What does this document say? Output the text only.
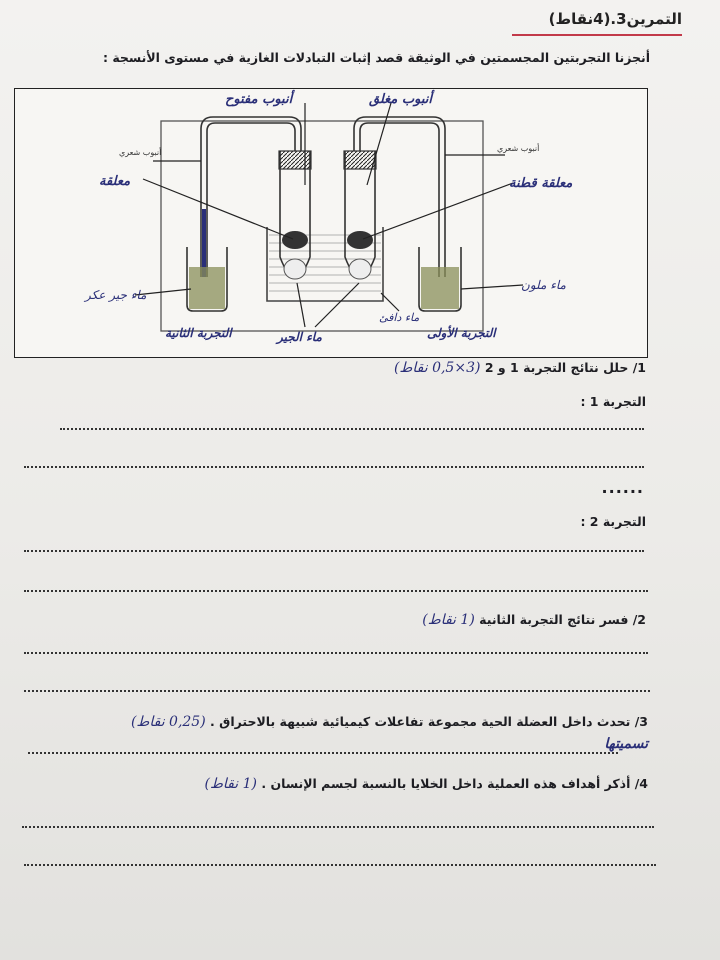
التمرين3.(4نقاط)
أنجزنا التجربتين المجسمتين في الوثيقة قصد إثبات التبادلات الغازية في مستوى الأنسجة :
أنبوب شعري	أنبوب شعري
أنبوب مفتوح	أنبوب مغلق
معلقة	معلقة قطنة
ماء جير عكر
ماء ملون
التجربة الثانية	التجربة الأولى
ماء الجير
ماء دافئ
1/ حلل نتائج التجربة 1 و 2 (3×0,5 نقاط)
التجربة 1 :
......
التجربة 2 :
2/ فسر نتائج التجربة الثانية (1 نقاط)
3/ تحدث داخل العضلة الحية مجموعة تفاعلات كيميائية شبيهة بالاحتراق . (0,25 نقاط)
تسميتها
4/ أذكر أهداف هذه العملية داخل الخلايا بالنسبة لجسم الإنسان . (1 نقاط)
